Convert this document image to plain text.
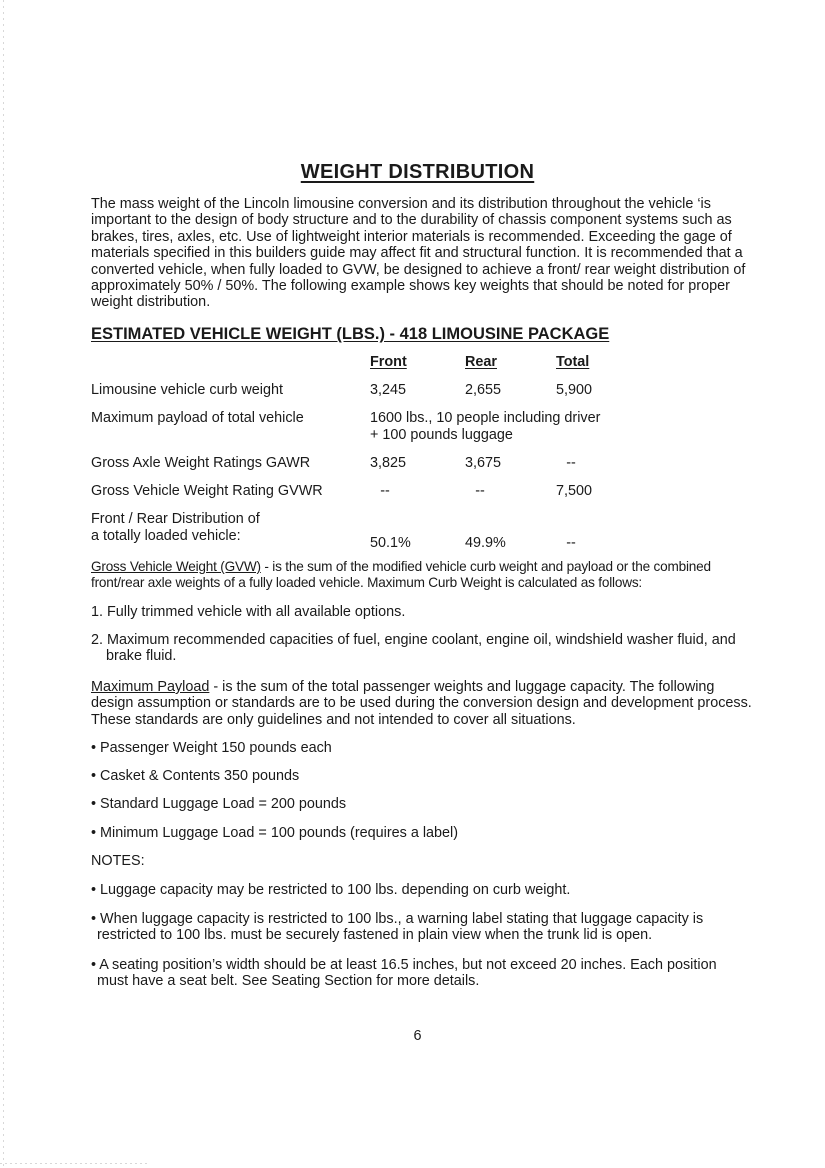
WEIGHT DISTRIBUTION

The mass weight of the Lincoln limousine conversion and its distribution throughout the vehicle ‘is important to the design of body structure and to the durability of chassis component systems such as brakes, tires, axles, etc. Use of lightweight interior materials is recommended. Exceeding the gage of materials specified in this builders guide may affect fit and structural function. It is recommended that a converted vehicle, when fully loaded to GVW, be designed to achieve a front/ rear weight distribution of approximately 50% / 50%. The following example shows key weights that should be noted for proper weight distribution.

ESTIMATED VEHICLE WEIGHT (LBS.) - 418 LIMOUSINE PACKAGE
	Front	Rear	Total
Limousine vehicle curb weight	3,245	2,655	5,900
Maximum payload of total vehicle	1600 lbs., 10 people including driver + 100 pounds luggage		
Gross Axle Weight Ratings GAWR	3,825	3,675	--
Gross Vehicle Weight Rating GVWR	--	--	7,500
Front / Rear Distribution of a totally loaded vehicle:	50.1%	49.9%	--

Gross Vehicle Weight (GVW) - is the sum of the modified vehicle curb weight and payload or the combined front/rear axle weights of a fully loaded vehicle. Maximum Curb Weight is calculated as follows:

1. Fully trimmed vehicle with all available options.

2. Maximum recommended capacities of fuel, engine coolant, engine oil, windshield washer fluid, and brake fluid.

Maximum Payload - is the sum of the total passenger weights and luggage capacity. The following design assumption or standards are to be used during the conversion design and development process. These standards are only guidelines and not intended to cover all situations.

• Passenger Weight 150 pounds each

• Casket & Contents 350 pounds

• Standard Luggage Load = 200 pounds

• Minimum Luggage Load = 100 pounds (requires a label)

NOTES:

• Luggage capacity may be restricted to 100 lbs. depending on curb weight.

• When luggage capacity is restricted to 100 lbs., a warning label stating that luggage capacity is restricted to 100 lbs. must be securely fastened in plain view when the trunk lid is open.

• A seating position’s width should be at least 16.5 inches, but not exceed 20 inches. Each position must have a seat belt. See Seating Section for more details.

6
